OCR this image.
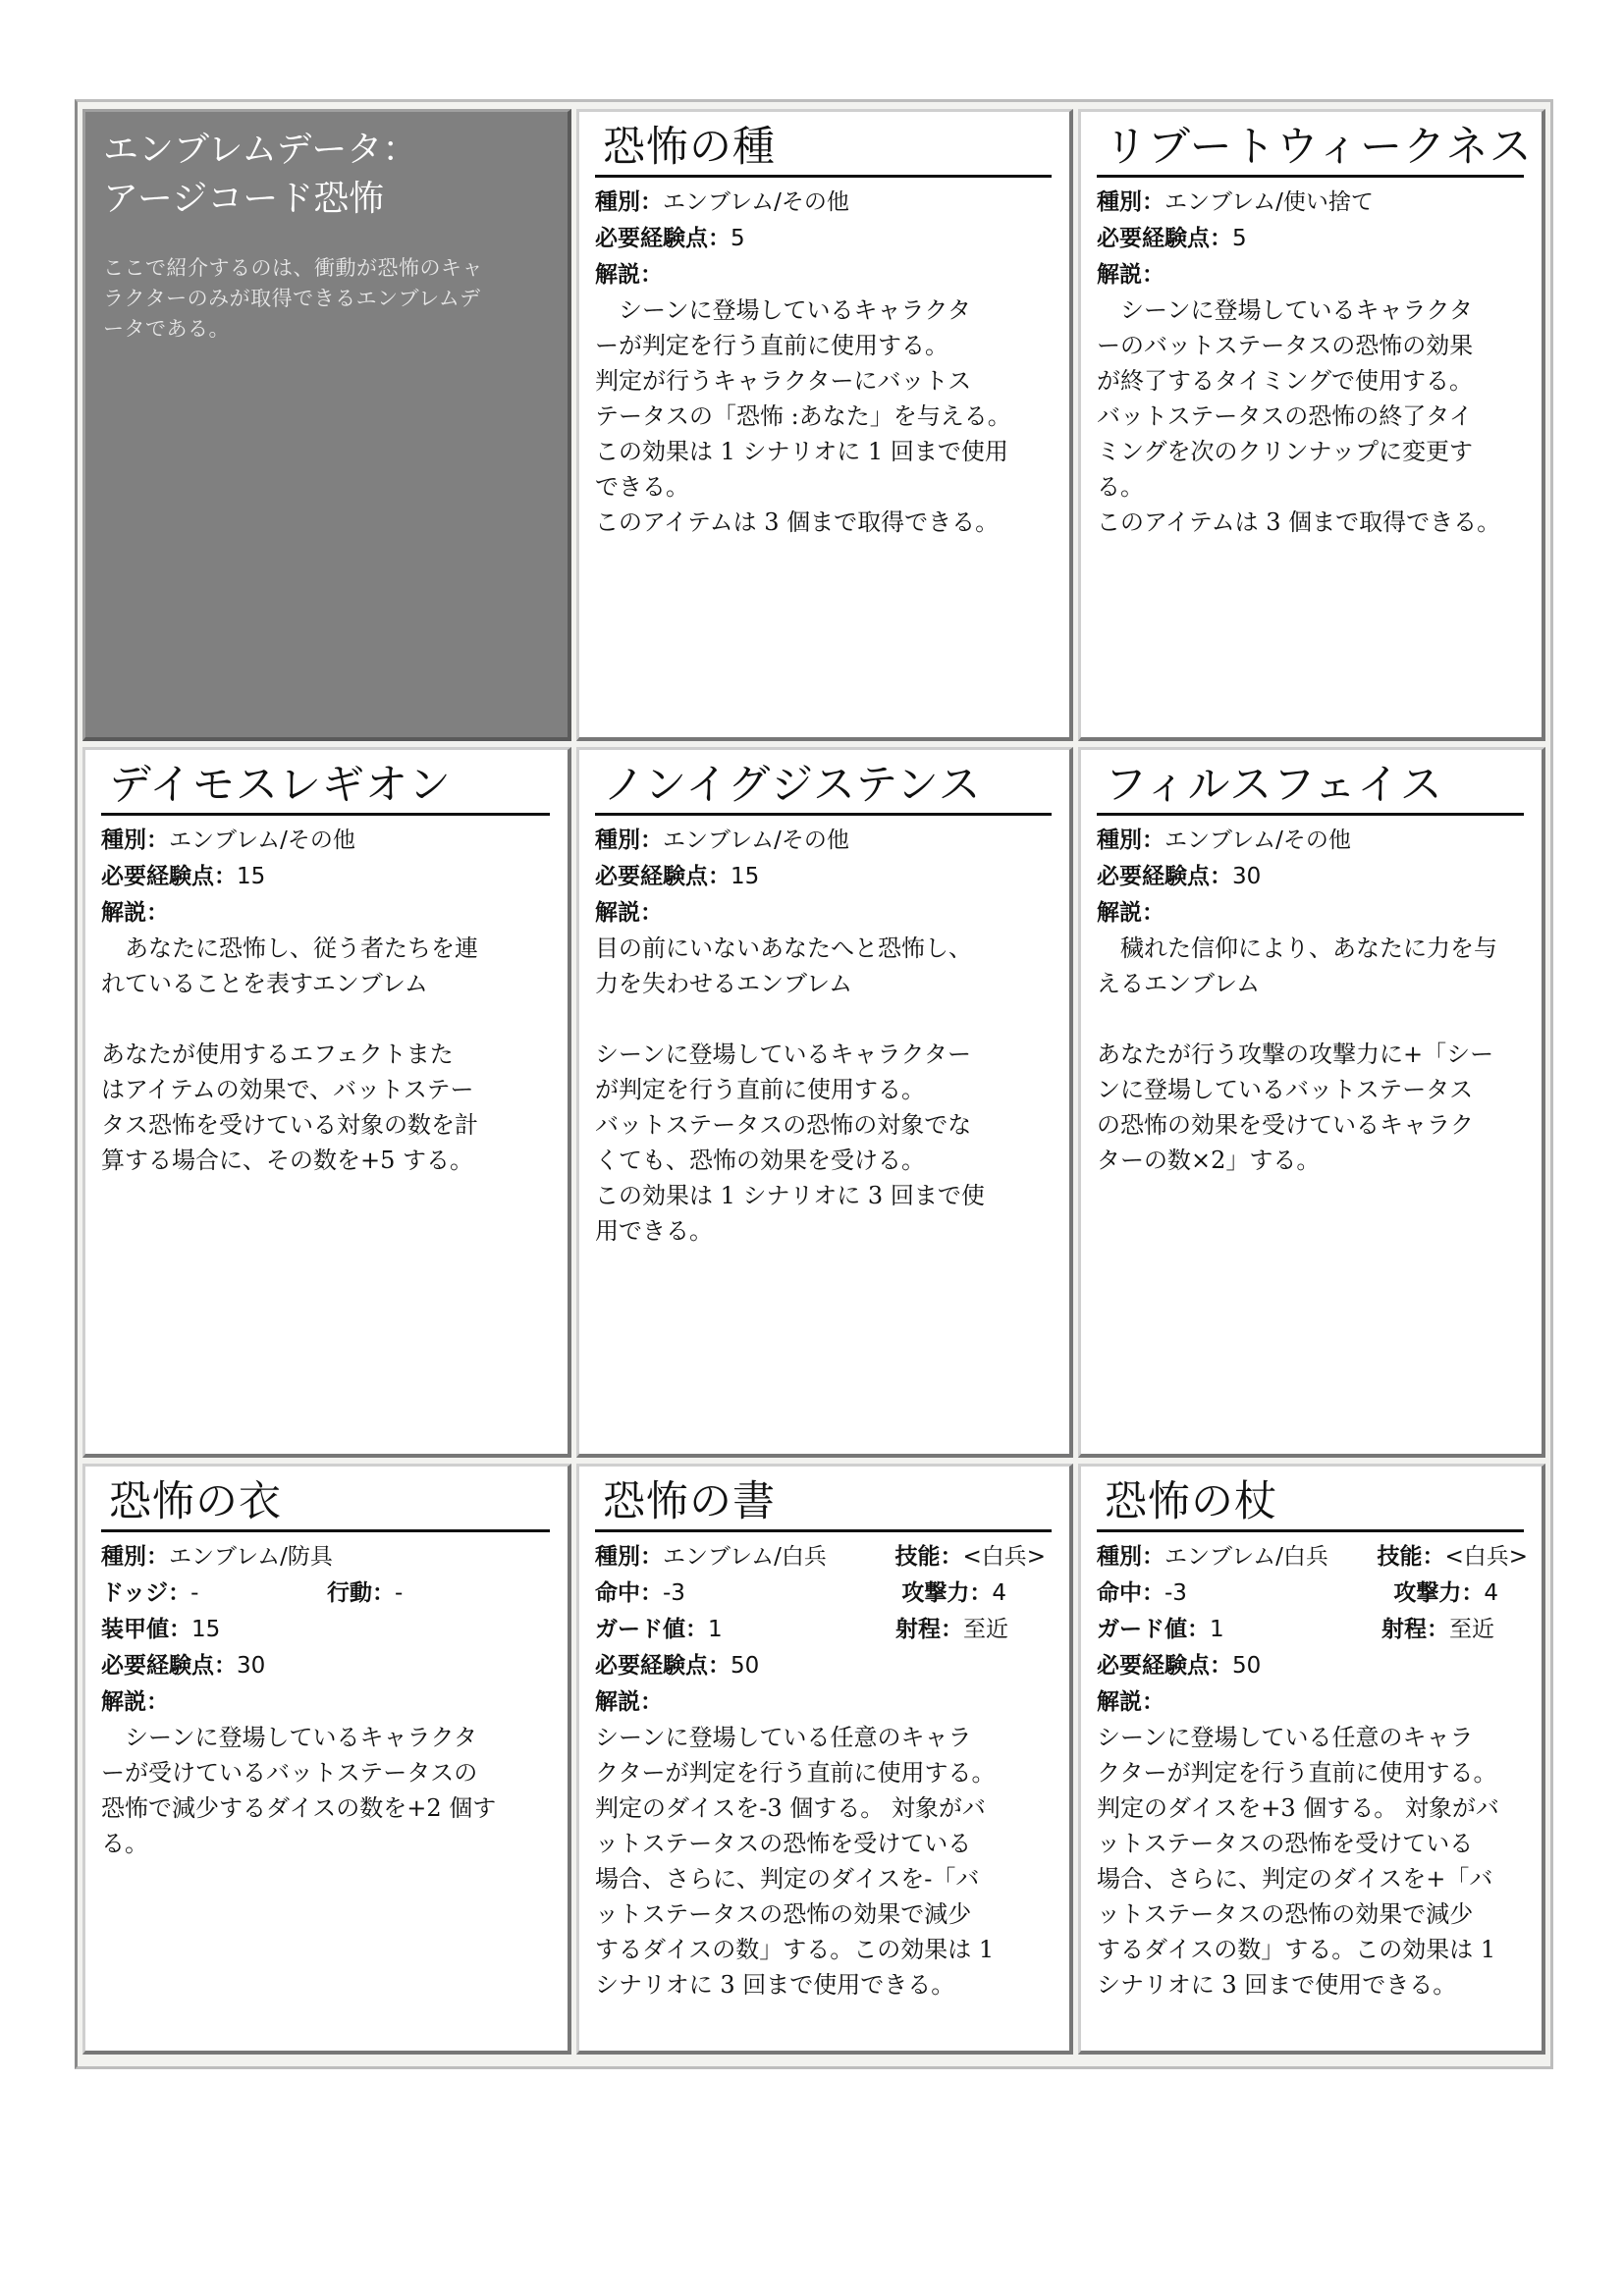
エンブレムデータ：
アージコード恐怖
ここで紹介するのは、衝動が恐怖のキャ
ラクターのみが取得できるエンブレムデ
ータである。
恐怖の種
種別：エンブレム/その他
必要経験点：5
解説：
　シーンに登場しているキャラクタ
ーが判定を行う直前に使用する。
判定が行うキャラクターにバットス
テータスの「恐怖 :あなた」を与える。
この効果は 1 シナリオに 1 回まで使用
できる。
このアイテムは 3 個まで取得できる。
リブートウィークネス
種別：エンブレム/使い捨て
必要経験点：5
解説：
　シーンに登場しているキャラクタ
ーのバットステータスの恐怖の効果
が終了するタイミングで使用する。
バットステータスの恐怖の終了タイ
ミングを次のクリンナップに変更す
る。
このアイテムは 3 個まで取得できる。
デイモスレギオン
種別：エンブレム/その他
必要経験点：15
解説：
　あなたに恐怖し、従う者たちを連
れていることを表すエンブレム
あなたが使用するエフェクトまた
はアイテムの効果で、バットステー
タス恐怖を受けている対象の数を計
算する場合に、その数を+5 する。
ノンイグジステンス
種別：エンブレム/その他
必要経験点：15
解説：
目の前にいないあなたへと恐怖し、
力を失わせるエンブレム
シーンに登場しているキャラクター
が判定を行う直前に使用する。
バットステータスの恐怖の対象でな
くても、恐怖の効果を受ける。
この効果は 1 シナリオに 3 回まで使
用できる。
フィルスフェイス
種別：エンブレム/その他
必要経験点：30
解説：
　穢れた信仰により、あなたに力を与
えるエンブレム
あなたが行う攻撃の攻撃力に+「シー
ンに登場しているバットステータス
の恐怖の効果を受けているキャラク
ターの数×2」する。
恐怖の衣
種別：エンブレム/防具
ドッジ：-	行動：-
装甲値：15
必要経験点：30
解説：
　シーンに登場しているキャラクタ
ーが受けているバットステータスの
恐怖で減少するダイスの数を+2 個す
る。
恐怖の書
種別：エンブレム/白兵	技能：<白兵>
命中：-3	攻撃力：4
ガード値：1	射程：至近
必要経験点：50
解説：
シーンに登場している任意のキャラ
クターが判定を行う直前に使用する。
判定のダイスを-3 個する。 対象がバ
ットステータスの恐怖を受けている
場合、さらに、判定のダイスを-「バ
ットステータスの恐怖の効果で減少
するダイスの数」する。この効果は 1
シナリオに 3 回まで使用できる。
恐怖の杖
種別：エンブレム/白兵 技能：<白兵>
命中：-3	攻撃力：4
ガード値：1	射程：至近
必要経験点：50
解説：
シーンに登場している任意のキャラ
クターが判定を行う直前に使用する。
判定のダイスを+3 個する。 対象がバ
ットステータスの恐怖を受けている
場合、さらに、判定のダイスを+「バ
ットステータスの恐怖の効果で減少
するダイスの数」する。この効果は 1
シナリオに 3 回まで使用できる。
